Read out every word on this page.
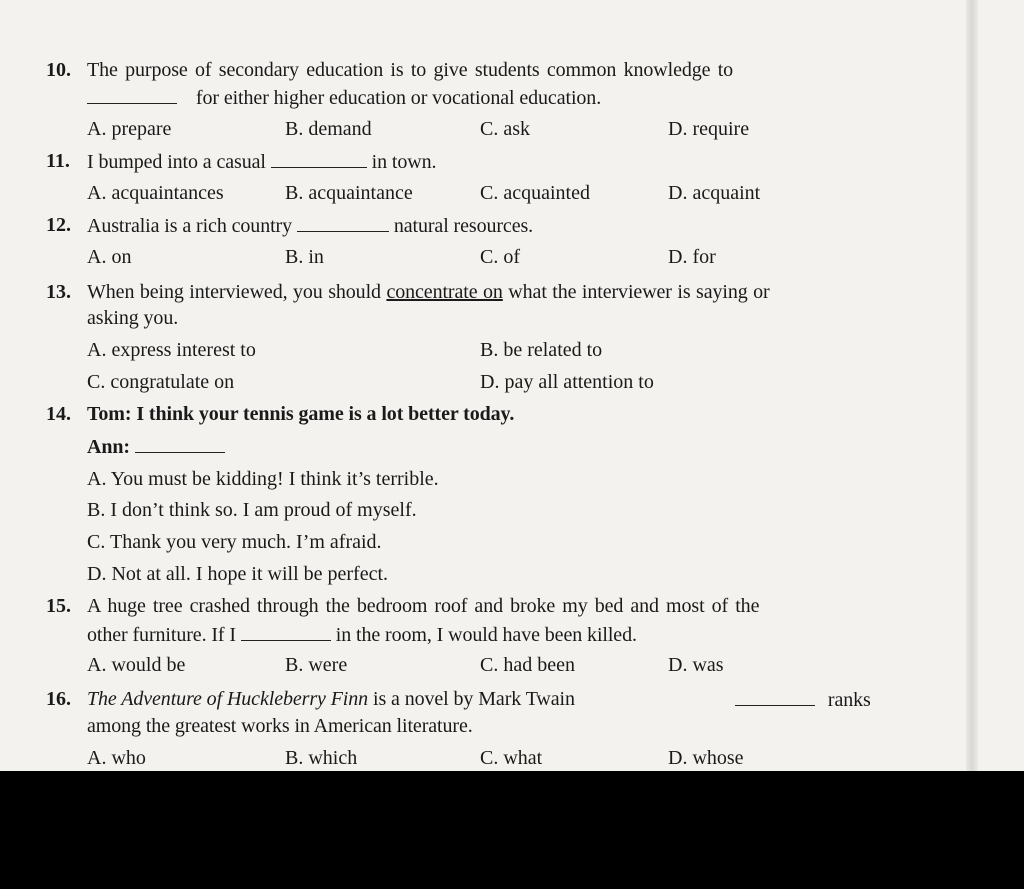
10. The purpose of secondary education is to give students common knowledge to
for either higher education or vocational education.
A. prepare	B. demand	C. ask	D. require
11. I bumped into a casual	in town.
A. acquaintances	B. acquaintance	C. acquainted	D. acquaint
12. Australia is a rich country	natural resources.
A. on	B. in	C. of	D. for
13. When being interviewed, you should concentrate on what the interviewer is saying or
asking you.
A. express interest to	B. be related to
C. congratulate on	D. pay all attention to
14. Tom: I think your tennis game is a lot better today.
Ann:
A. You must be kidding! I think it’s terrible.
B. I don’t think so. I am proud of myself.
C. Thank you very much. I’m afraid.
D. Not at all. I hope it will be perfect.
15. A huge tree crashed through the bedroom roof and broke my bed and most of the
other furniture. If I	in the room, I would have been killed.
A. would be	B. were	C. had been	D. was
16. The Adventure of Huckleberry Finn is a novel by Mark Twain	ranks
among the greatest works in American literature.
A. who	B. which	C. what	D. whose
